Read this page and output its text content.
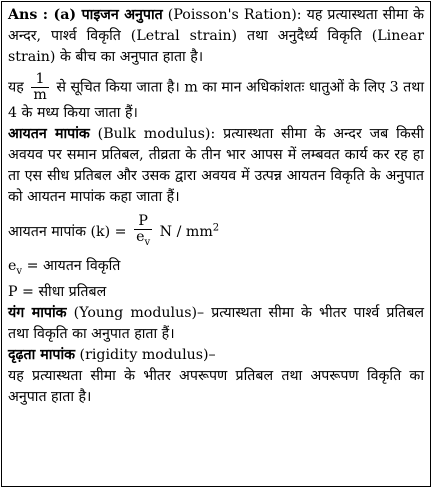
Ans : (a) पाइजन अनुपात (Poisson's Ration): यह प्रत्यास्थता सीमा के अन्दर, पार्श्व विकृति (Letral strain) तथा अनुदैर्ध्य विकृति (Linear strain) के बीच का अनुपात हाता है।

यह $\frac{1}{m}$ से सूचित किया जाता है। m का मान अधिकांशतः धातुओं के लिए 3 तथा 4 के मध्य किया जाता हैं।

आयतन मापांक (Bulk modulus): प्रत्यास्थता सीमा के अन्दर जब किसी अवयव पर समान प्रतिबल, तीव्रता के तीन भार आपस में लम्बवत कार्य कर रह हा ता एस सीध प्रतिबल और उसक द्वारा अवयव में उत्पन्न आयतन विकृति के अनुपात को आयतन मापांक कहा जाता हैं।

आयतन मापांक $(k) = \frac{P}{e_v}$ N / $mm^2$

$e_v$ = आयतन विकृति

P = सीधा प्रतिबल

यंग मापांक (Young modulus)– प्रत्यास्थता सीमा के भीतर पार्श्व प्रतिबल तथा विकृति का अनुपात हाता हैं।

दृढ़ता मापांक (rigidity modulus)–

यह प्रत्यास्थता सीमा के भीतर अपरूपण प्रतिबल तथा अपरूपण विकृति का अनुपात हाता है।
